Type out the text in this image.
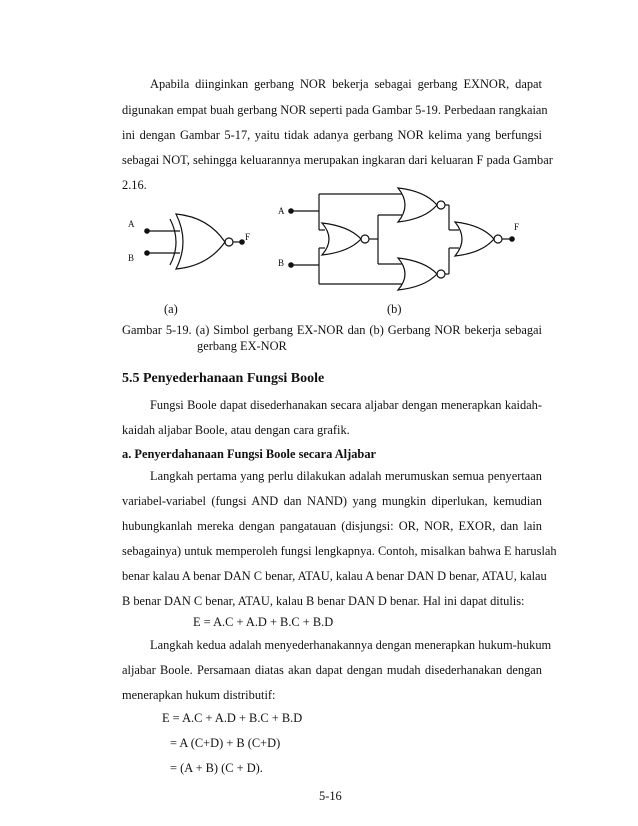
Apabila diinginkan gerbang NOR bekerja sebagai gerbang EXNOR, dapat
digunakan empat buah gerbang NOR seperti pada Gambar 5-19. Perbedaan rangkaian
ini dengan Gambar 5-17, yaitu tidak adanya gerbang NOR kelima yang berfungsi
sebagai NOT, sehingga keluarannya merupakan ingkaran dari keluaran F pada Gambar
2.16.
A
B
F
A
B
F
(a)	(b)
Gambar 5-19. (a) Simbol gerbang EX-NOR dan (b) Gerbang NOR bekerja sebagai
gerbang EX-NOR
5.5 Penyederhanaan Fungsi Boole
Fungsi Boole dapat disederhanakan secara aljabar dengan menerapkan kaidah-
kaidah aljabar Boole, atau dengan cara grafik.
a. Penyerdahanaan Fungsi Boole secara Aljabar
Langkah pertama yang perlu dilakukan adalah merumuskan semua penyertaan
variabel-variabel (fungsi AND dan NAND) yang mungkin diperlukan, kemudian
hubungkanlah mereka dengan pangatauan (disjungsi: OR, NOR, EXOR, dan lain
sebagainya) untuk memperoleh fungsi lengkapnya. Contoh, misalkan bahwa E haruslah
benar kalau A benar DAN C benar, ATAU, kalau A benar DAN D benar, ATAU, kalau
B benar DAN C benar, ATAU, kalau B benar DAN D benar. Hal ini dapat ditulis:
E = A.C + A.D + B.C + B.D
Langkah kedua adalah menyederhanakannya dengan menerapkan hukum-hukum
aljabar Boole. Persamaan diatas akan dapat dengan mudah disederhanakan dengan
menerapkan hukum distributif:
E = A.C + A.D + B.C + B.D
= A (C+D) + B (C+D)
= (A + B) (C + D).
5-16
